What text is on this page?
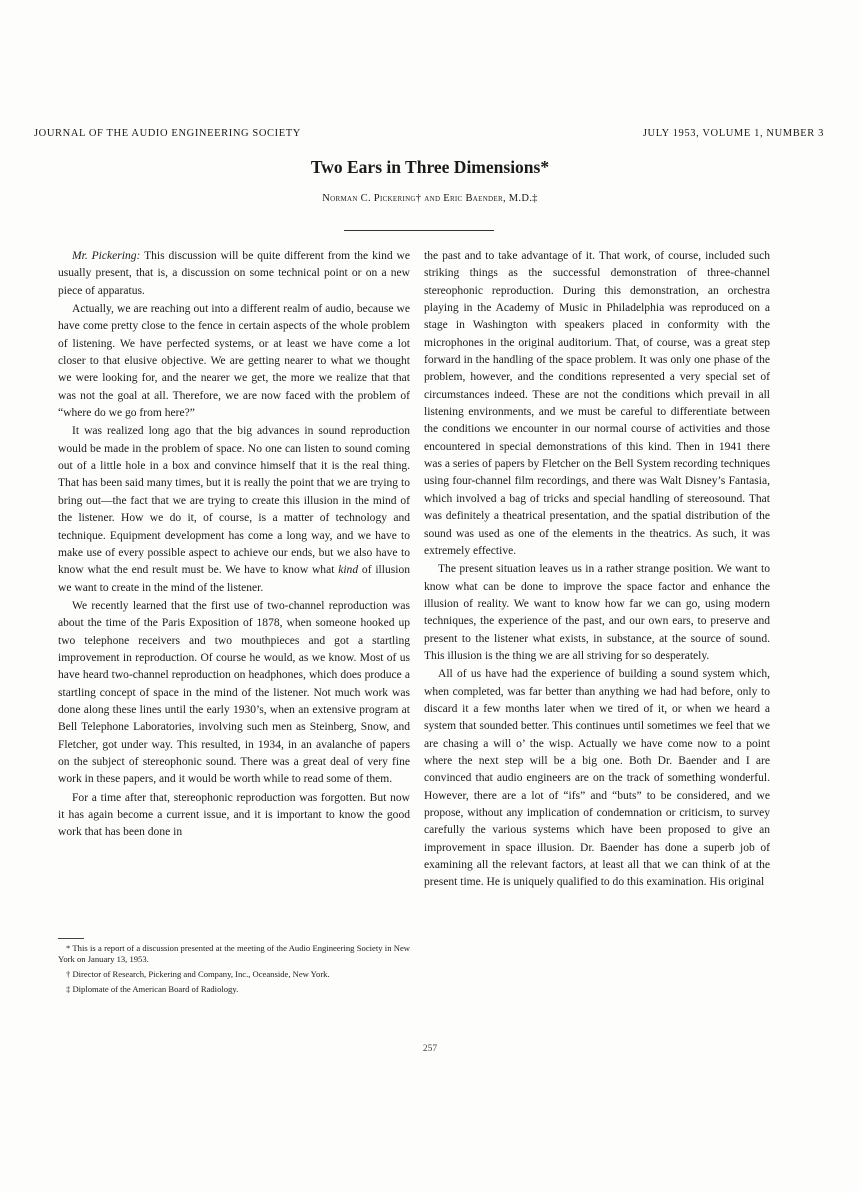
JOURNAL OF THE AUDIO ENGINEERING SOCIETY	JULY 1953, VOLUME 1, NUMBER 3
Two Ears in Three Dimensions*
Norman C. Pickering† and Eric Baender, M.D.‡

Mr. Pickering: This discussion will be quite different from the kind we usually present, that is, a discussion on some technical point or on a new piece of apparatus.

Actually, we are reaching out into a different realm of audio, because we have come pretty close to the fence in certain aspects of the whole problem of listening. We have perfected systems, or at least we have come a lot closer to that elusive objective. We are getting nearer to what we thought we were looking for, and the nearer we get, the more we realize that that was not the goal at all. Therefore, we are now faced with the problem of “where do we go from here?”

It was realized long ago that the big advances in sound reproduction would be made in the problem of space. No one can listen to sound coming out of a little hole in a box and convince himself that it is the real thing. That has been said many times, but it is really the point that we are trying to bring out—the fact that we are trying to create this illusion in the mind of the listener. How we do it, of course, is a matter of technology and technique. Equipment development has come a long way, and we have to make use of every possible aspect to achieve our ends, but we also have to know what the end result must be. We have to know what kind of illusion we want to create in the mind of the listener.

We recently learned that the first use of two-channel reproduction was about the time of the Paris Exposition of 1878, when someone hooked up two telephone receivers and two mouthpieces and got a startling improvement in reproduction. Of course he would, as we know. Most of us have heard two-channel reproduction on headphones, which does produce a startling concept of space in the mind of the listener. Not much work was done along these lines until the early 1930’s, when an extensive program at Bell Telephone Laboratories, involving such men as Steinberg, Snow, and Fletcher, got under way. This resulted, in 1934, in an avalanche of papers on the subject of stereophonic sound. There was a great deal of very fine work in these papers, and it would be worth while to read some of them.

For a time after that, stereophonic reproduction was forgotten. But now it has again become a current issue, and it is important to know the good work that has been done in

the past and to take advantage of it. That work, of course, included such striking things as the successful demonstration of three-channel stereophonic reproduction. During this demonstration, an orchestra playing in the Academy of Music in Philadelphia was reproduced on a stage in Washington with speakers placed in conformity with the microphones in the original auditorium. That, of course, was a great step forward in the handling of the space problem. It was only one phase of the problem, however, and the conditions represented a very special set of circumstances indeed. These are not the conditions which prevail in all listening environments, and we must be careful to differentiate between the conditions we encounter in our normal course of activities and those encountered in special demonstrations of this kind. Then in 1941 there was a series of papers by Fletcher on the Bell System recording techniques using four-channel film recordings, and there was Walt Disney’s Fantasia, which involved a bag of tricks and special handling of stereosound. That was definitely a theatrical presentation, and the spatial distribution of the sound was used as one of the elements in the theatrics. As such, it was extremely effective.

The present situation leaves us in a rather strange position. We want to know what can be done to improve the space factor and enhance the illusion of reality. We want to know how far we can go, using modern techniques, the experience of the past, and our own ears, to preserve and present to the listener what exists, in substance, at the source of sound. This illusion is the thing we are all striving for so desperately.

All of us have had the experience of building a sound system which, when completed, was far better than anything we had had before, only to discard it a few months later when we tired of it, or when we heard a system that sounded better. This continues until sometimes we feel that we are chasing a will o’ the wisp. Actually we have come now to a point where the next step will be a big one. Both Dr. Baender and I are convinced that audio engineers are on the track of something wonderful. However, there are a lot of “ifs” and “buts” to be considered, and we propose, without any implication of condemnation or criticism, to survey carefully the various systems which have been proposed to give an improvement in space illusion. Dr. Baender has done a superb job of examining all the relevant factors, at least all that we can think of at the present time. He is uniquely qualified to do this examination. His original

* This is a report of a discussion presented at the meeting of the Audio Engineering Society in New York on January 13, 1953.

† Director of Research, Pickering and Company, Inc., Oceanside, New York.

‡ Diplomate of the American Board of Radiology.

257
